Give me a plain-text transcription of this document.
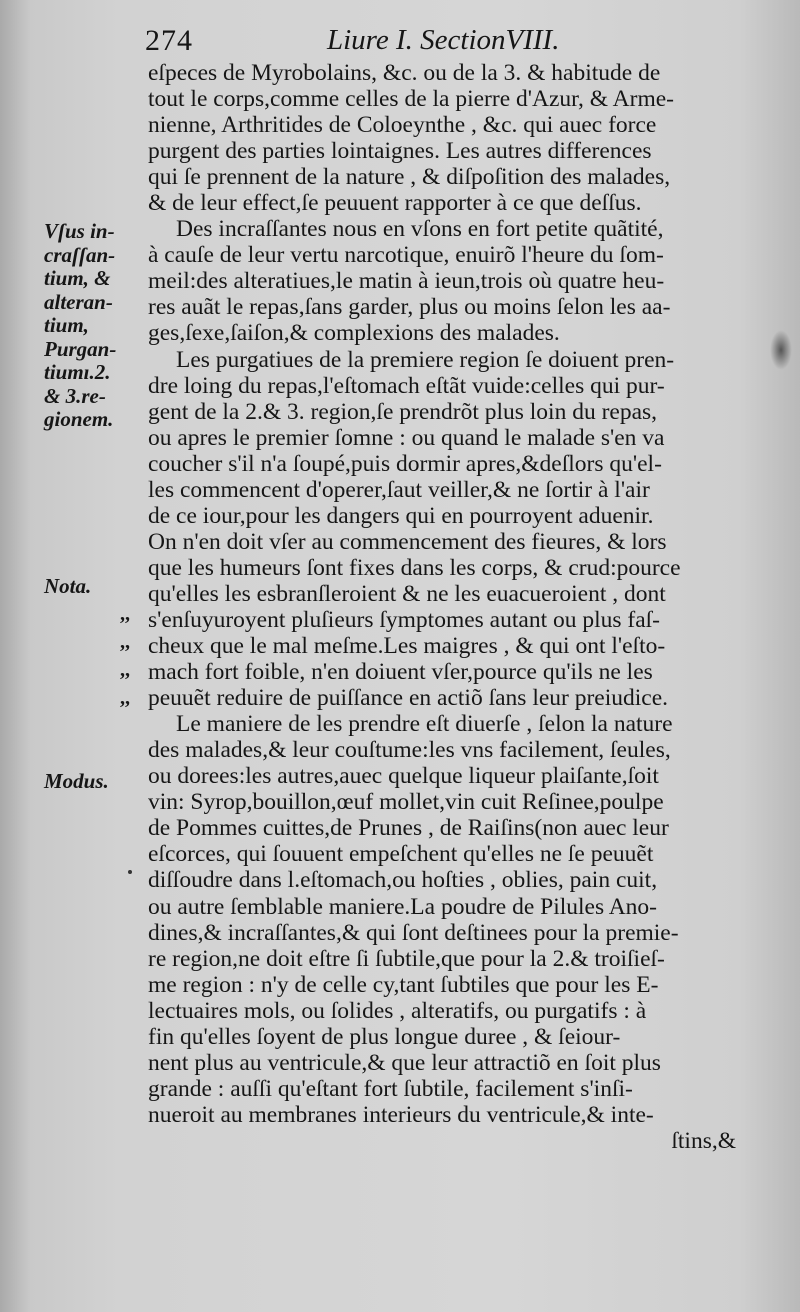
274	Liure I. SectionVIII.
Vſus in-
craſſan-
tium, &
alteran-
tium,
Purgan-
tiumı.2.
& 3.re-
gionem.
Nota.
Modus.
,,
,,
,,
,,
eſpeces de Myrobolains, &c. ou de la 3. & habitude de
tout le corps,comme celles de la pierre d'Azur, & Arme-
nienne, Arthritides de Coloeynthe , &c. qui auec force
purgent des parties lointaignes. Les autres differences
qui ſe prennent de la nature , & diſpoſition des malades,
& de leur effect,ſe peuuent rapporter à ce que deſſus.
Des incraſſantes nous en vſons en fort petite quãtité,
à cauſe de leur vertu narcotique, enuirõ l'heure du ſom-
meil:des alteratiues,le matin à ieun,trois où quatre heu-
res auãt le repas,ſans garder, plus ou moins ſelon les aa-
ges,ſexe,ſaiſon,& complexions des malades.
Les purgatiues de la premiere region ſe doiuent pren-
dre loing du repas,l'eſtomach eſtãt vuide:celles qui pur-
gent de la 2.& 3. region,ſe prendrõt plus loin du repas,
ou apres le premier ſomne : ou quand le malade s'en va
coucher s'il n'a ſoupé,puis dormir apres,&deſlors qu'el-
les commencent d'operer,ſaut veiller,& ne ſortir à l'air
de ce iour,pour les dangers qui en pourroyent aduenir.
On n'en doit vſer au commencement des fieures, & lors
que les humeurs ſont fixes dans les corps, & crud:pource
qu'elles les esbranſleroient & ne les euacueroient , dont
s'enſuyuroyent pluſieurs ſymptomes autant ou plus faſ-
cheux que le mal meſme.Les maigres , & qui ont l'eſto-
mach fort foible, n'en doiuent vſer,pource qu'ils ne les
peuuẽt reduire de puiſſance en actiõ ſans leur preiudice.
Le maniere de les prendre eſt diuerſe , ſelon la nature
des malades,& leur couſtume:les vns facilement, ſeules,
ou dorees:les autres,auec quelque liqueur plaiſante,ſoit
vin: Syrop,bouillon,œuf mollet,vin cuit Reſinee,poulpe
de Pommes cuittes,de Prunes , de Raiſins(non auec leur
eſcorces, qui ſouuent empeſchent qu'elles ne ſe peuuẽt
diſſoudre dans l.eſtomach,ou hoſties , oblies, pain cuit,
ou autre ſemblable maniere.La poudre de Pilules Ano-
dines,& incraſſantes,& qui ſont deſtinees pour la premie-
re region,ne doit eſtre ſi ſubtile,que pour la 2.& troiſieſ-
me region : n'y de celle cy,tant ſubtiles que pour les E-
lectuaires mols, ou ſolides , alteratifs, ou purgatifs : à
fin qu'elles ſoyent de plus longue duree , & ſeiour-
nent plus au ventricule,& que leur attractiõ en ſoit plus
grande : auſſi qu'eſtant fort ſubtile, facilement s'inſi-
nueroit au membranes interieurs du ventricule,& inte-
ſtins,&
